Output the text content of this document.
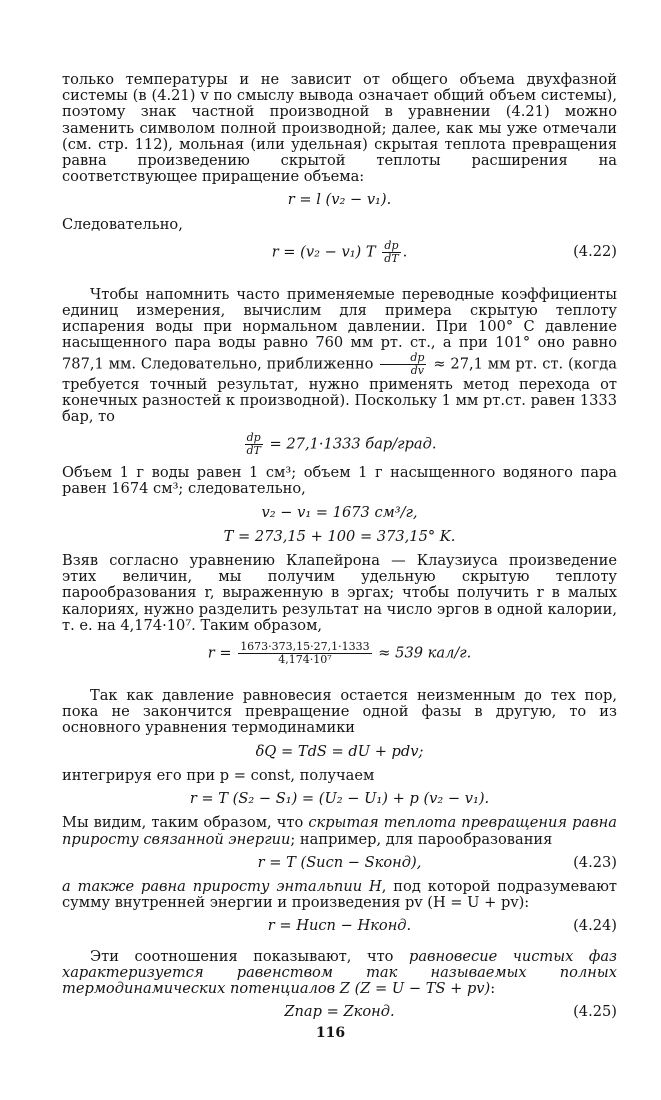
только температуры и не зависит от общего объема двухфазной системы (в (4.21) v по смыслу вывода означает общий объем системы), поэтому знак частной производной в уравнении (4.21) можно заменить символом полной производной; далее, как мы уже отмечали (см. стр. 112), мольная (или удельная) скрытая теплота превращения равна произведению скрытой теплоты расширения на соответствующее приращение объема:

r = l (v₂ − v₁).

Следовательно,

r = (v₂ − v₁) T $\frac{dp}{dT}$ .	(4.22)

Чтобы напомнить часто применяемые переводные коэффициенты единиц измерения, вычислим для примера скрытую теплоту испарения воды при нормальном давлении. При 100° С давление насыщенного пара воды равно 760 мм рт. ст., а при 101° оно равно 787,1 мм. Следовательно, приближенно $\frac{dp}{dv} \approx 27,1$ мм рт. ст. (когда требуется точный результат, нужно применять метод перехода от конечных разностей к производной). Поскольку 1 мм рт.ст. равен 1333 бар, то

$\frac{dp}{dT} = 27,1\cdot 1333$ бар/град.

Объем 1 г воды равен 1 см³; объем 1 г насыщенного водяного пара равен 1674 см³; следовательно,

v₂ − v₁ = 1673 см³/г,
T = 273,15 + 100 = 373,15° K.

Взяв согласно уравнению Клапейрона — Клаузиуса произведение этих величин, мы получим удельную скрытую теплоту парообразования r, выраженную в эргах; чтобы получить r в малых калориях, нужно разделить результат на число эргов в одной калории, т. е. на 4,174·10⁷. Таким образом,

$r = \frac{1673\cdot 373,15\cdot 27,1\cdot 1333}{\text{4,174·10⁷}} \approx 539$ кал/г.

Так как давление равновесия остается неизменным до тех пор, пока не закончится превращение одной фазы в другую, то из основного уравнения термодинамики

δQ = TdS = dU + pdv;

интегрируя его при p = const, получаем

r = T (S₂ − S₁) = (U₂ − U₁) + p (v₂ − v₁).

Мы видим, таким образом, что скрытая теплота превращения равна приросту связанной энергии; например, для парообразования

r = T (Sисп − Sконд),	(4.23)

а также равна приросту энтальпии H, под которой подразумевают сумму внутренней энергии и произведения pv (H = U + pv):

r = Hисп − Hконд.	(4.24)

Эти соотношения показывают, что равновесие чистых фаз характеризуется равенством так называемых полных термодинамических потенциалов Z (Z = U − TS + pv):

Zпар = Zконд.	(4.25)
116
